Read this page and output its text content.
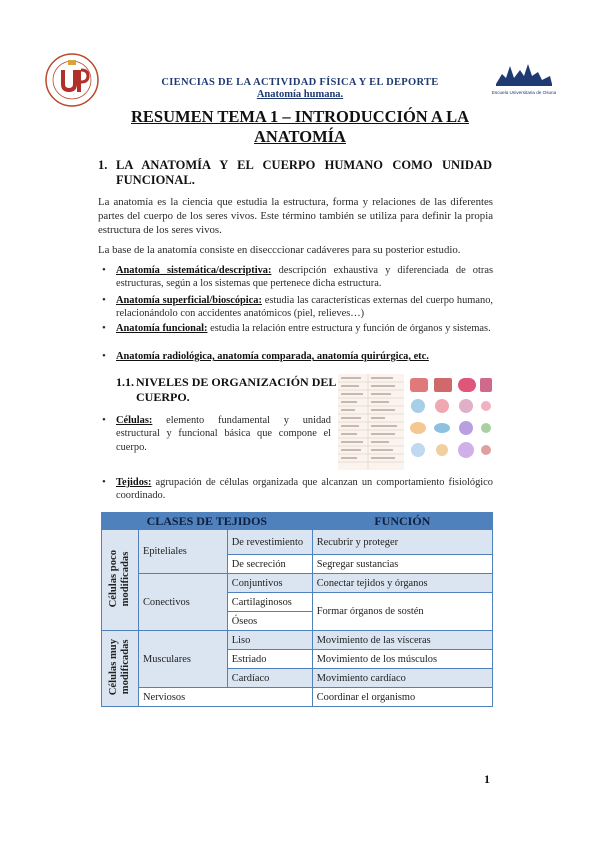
CIENCIAS DE LA ACTIVIDAD FÍSICA Y EL DEPORTE
Anatomía humana.	Escuela Universitaria de Osuna
RESUMEN TEMA 1 – INTRODUCCIÓN A LA
ANATOMÍA
1. LA ANATOMÍA Y EL CUERPO HUMANO COMO UNIDAD FUNCIONAL.
La anatomía es la ciencia que estudia la estructura, forma y relaciones de las diferentes partes del cuerpo de los seres vivos. Este término también se utiliza para definir la propia estructura de los seres vivos.
La base de la anatomía consiste en disecccionar cadáveres para su posterior estudio.
• Anatomía sistemática/descriptiva: descripción exhaustiva y diferenciada de otras estructuras, según a los sistemas que pertenece dicha estructura.
• Anatomía superficial/bioscópica: estudia las características externas del cuerpo humano, relacionándolo con accidentes anatómicos (piel, relieves…)
• Anatomía funcional: estudia la relación entre estructura y función de órganos y sistemas.
• Anatomía radiológica, anatomía comparada, anatomía quirúrgica, etc.
1.1. NIVELES DE ORGANIZACIÓN DEL CUERPO.
• Células: elemento fundamental y unidad estructural y funcional básica que compone el cuerpo.
• Tejidos: agrupación de células organizada que alcanzan un comportamiento fisiológico coordinado.
CLASES DE TEJIDOS			FUNCIÓN
Células poco
modificadas	Epiteliales	De revestimiento	Recubrir y proteger
		De secreción	Segregar sustancias
	Conectivos	Conjuntivos	Conectar tejidos y órganos
		Cartilaginosos	Formar órganos de sostén
		Óseos	
Células muy
modificadas	Musculares	Liso	Movimiento de las vísceras
		Estriado	Movimiento de los músculos
		Cardíaco	Movimiento cardíaco
	Nerviosos		Coordinar el organismo
1
